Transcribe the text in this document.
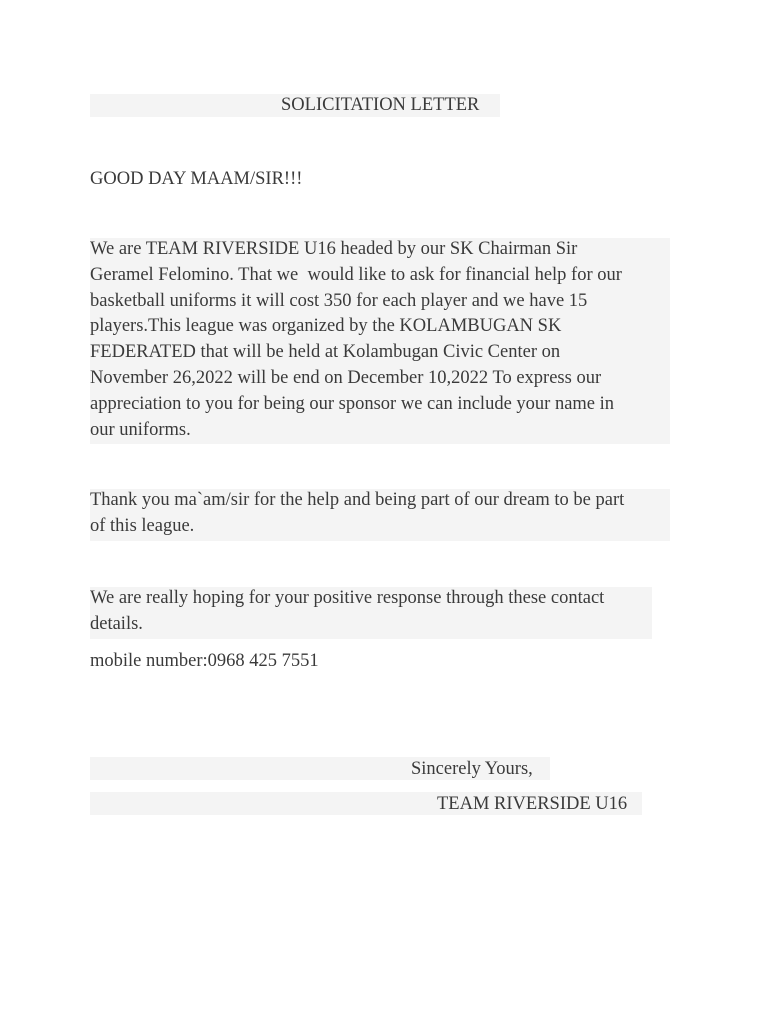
SOLICITATION LETTER
GOOD DAY MAAM/SIR!!!
We are TEAM RIVERSIDE U16 headed by our SK Chairman Sir
Geramel Felomino. That we  would like to ask for financial help for our
basketball uniforms it will cost 350 for each player and we have 15
players.This league was organized by the KOLAMBUGAN SK
FEDERATED that will be held at Kolambugan Civic Center on
November 26,2022 will be end on December 10,2022 To express our
appreciation to you for being our sponsor we can include your name in
our uniforms.
Thank you ma`am/sir for the help and being part of our dream to be part
of this league.
We are really hoping for your positive response through these contact
details.
mobile number:0968 425 7551
Sincerely Yours,
TEAM RIVERSIDE U16
